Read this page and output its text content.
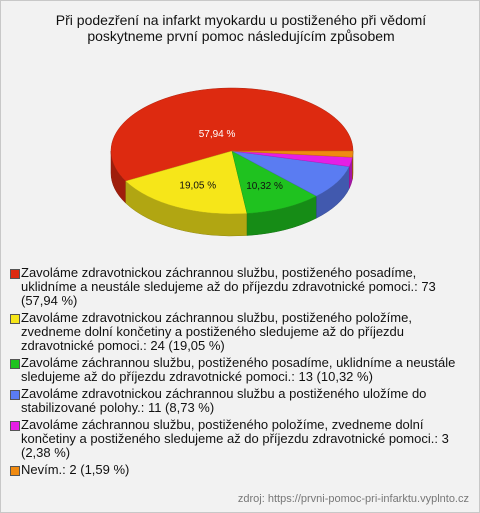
Při podezření na infarkt myokardu u postiženého při vědomí poskytneme první pomoc následujícím způsobem
57,94 %
19,05 %	10,32 %
Zavoláme zdravotnickou záchrannou službu, postiženého posadíme, uklidníme a neustále sledujeme až do příjezdu zdravotnické pomoci.: 73 (57,94 %)
Zavoláme zdravotnickou záchrannou službu, postiženého položíme, zvedneme dolní končetiny a postiženého sledujeme až do příjezdu zdravotnické pomoci.: 24 (19,05 %)
Zavoláme záchrannou službu, postiženého posadíme, uklidníme a neustále sledujeme až do příjezdu zdravotnické pomoci.: 13 (10,32 %)
Zavoláme zdravotnickou záchrannou službu a postiženého uložíme do stabilizované polohy.: 11 (8,73 %)
Zavoláme záchrannou službu, postiženého položíme, zvedneme dolní končetiny a postiženého sledujeme až do příjezdu zdravotnické pomoci.: 3 (2,38 %)
Nevím.: 2 (1,59 %)
zdroj: https://prvni-pomoc-pri-infarktu.vyplnto.cz
